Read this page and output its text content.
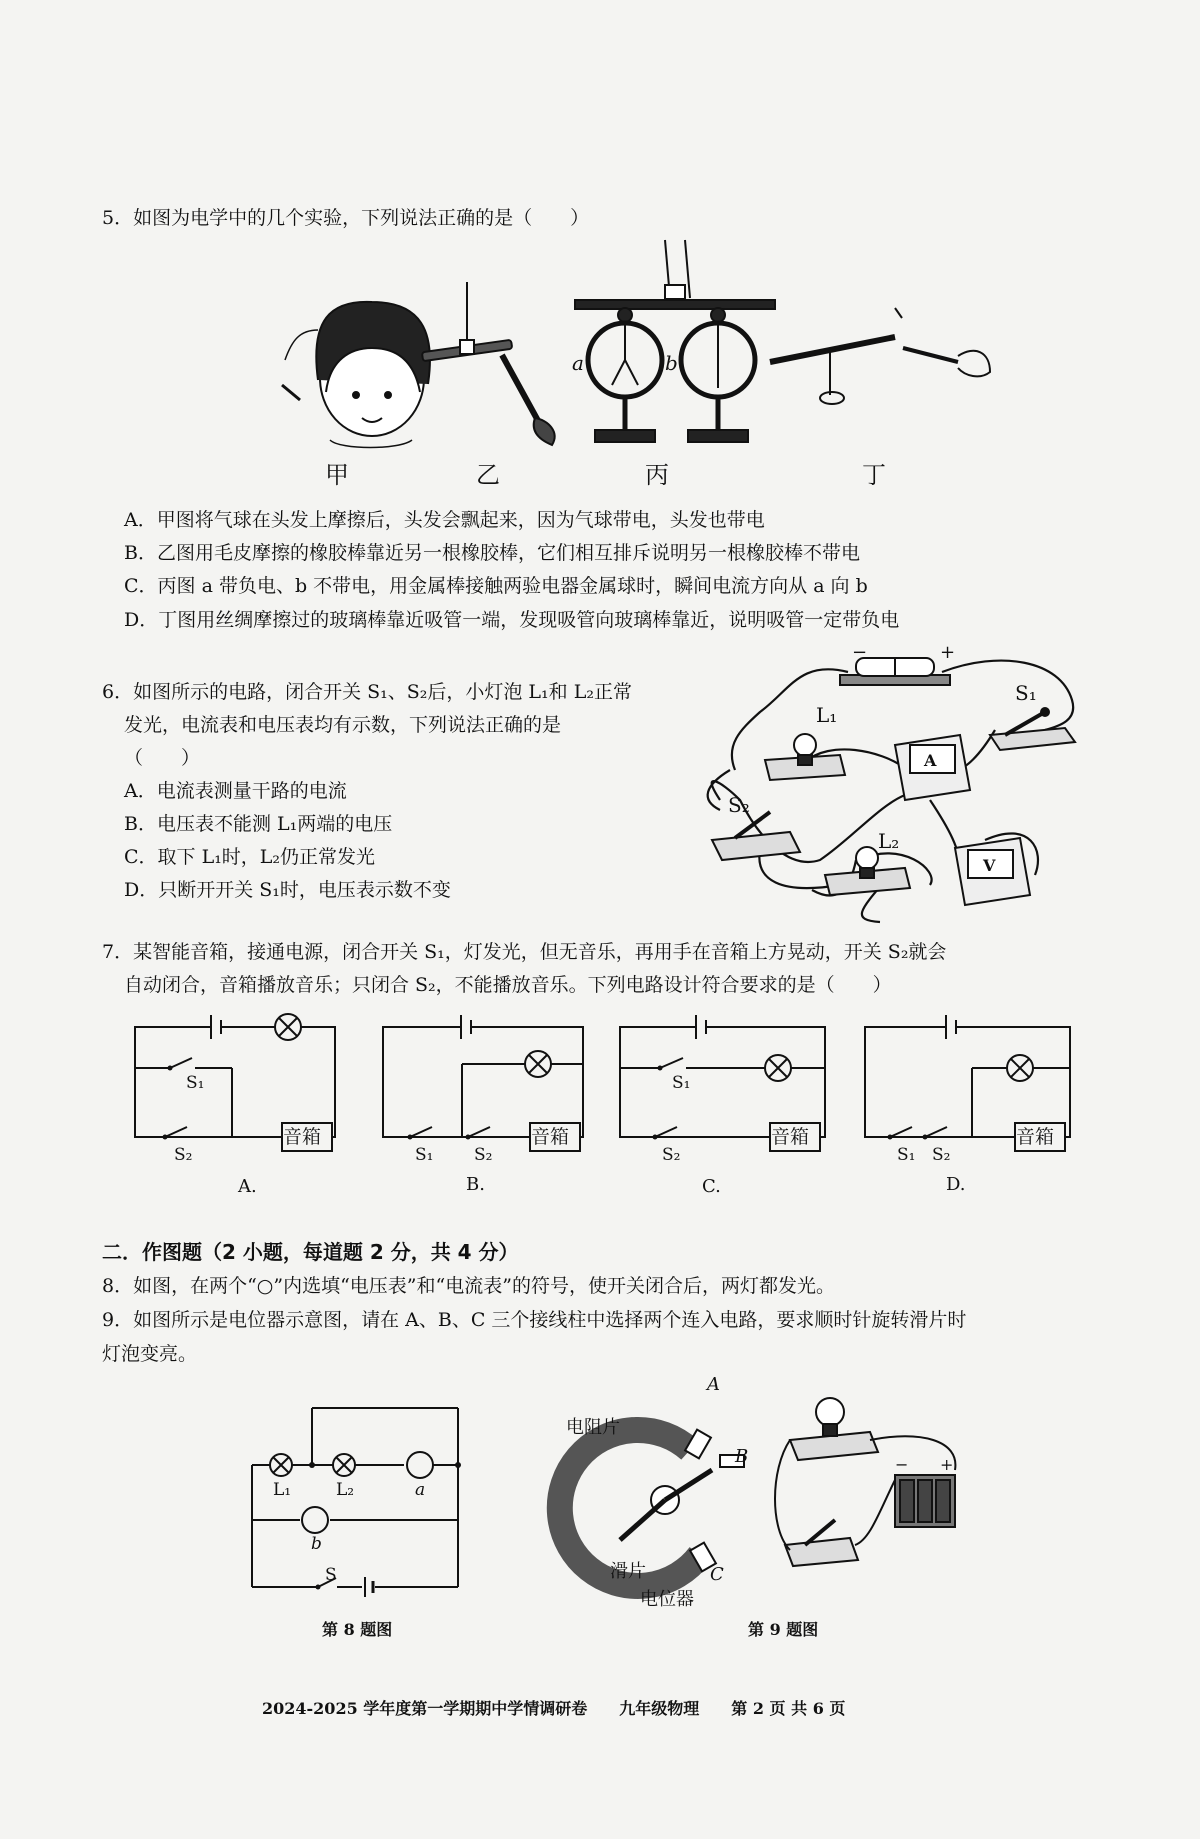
5．如图为电学中的几个实验，下列说法正确的是（　　）
a	b
甲	乙	丙	丁
A．甲图将气球在头发上摩擦后，头发会飘起来，因为气球带电，头发也带电
B．乙图用毛皮摩擦的橡胶棒靠近另一根橡胶棒，它们相互排斥说明另一根橡胶棒不带电
C．丙图 a 带负电、b 不带电，用金属棒接触两验电器金属球时，瞬间电流方向从 a 向 b
D．丁图用丝绸摩擦过的玻璃棒靠近吸管一端，发现吸管向玻璃棒靠近，说明吸管一定带负电
6．如图所示的电路，闭合开关 S₁、S₂后，小灯泡 L₁和 L₂正常
发光，电流表和电压表均有示数，下列说法正确的是
（　　）
A．电流表测量干路的电流
B．电压表不能测 L₁两端的电压
C．取下 L₁时，L₂仍正常发光
D．只断开开关 S₁时，电压表示数不变
−	+
S₁
L₁
A
S₂
L₂
V
7．某智能音箱，接通电源，闭合开关 S₁，灯发光，但无音乐，再用手在音箱上方晃动，开关 S₂就会
自动闭合，音箱播放音乐；只闭合 S₂，不能播放音乐。下列电路设计符合要求的是（　　）
音箱	音箱	音箱	音箱
S₁
S₂	S₁ S₂
S₁
S₂	S₁ S₂
A.	B.	C.	D.
二．作图题（2 小题，每道题 2 分，共 4 分）
8．如图，在两个“○”内选填“电压表”和“电流表”的符号，使开关闭合后，两灯都发光。
9．如图所示是电位器示意图，请在 A、B、C 三个接线柱中选择两个连入电路，要求顺时针旋转滑片时
灯泡变亮。
L₁	L₂	a
b
S
第 8 题图
A
B
C
电阻片
滑片
电位器
− +
第 9 题图
2024-2025 学年度第一学期期中学情调研卷　　九年级物理　　第 2 页 共 6 页
